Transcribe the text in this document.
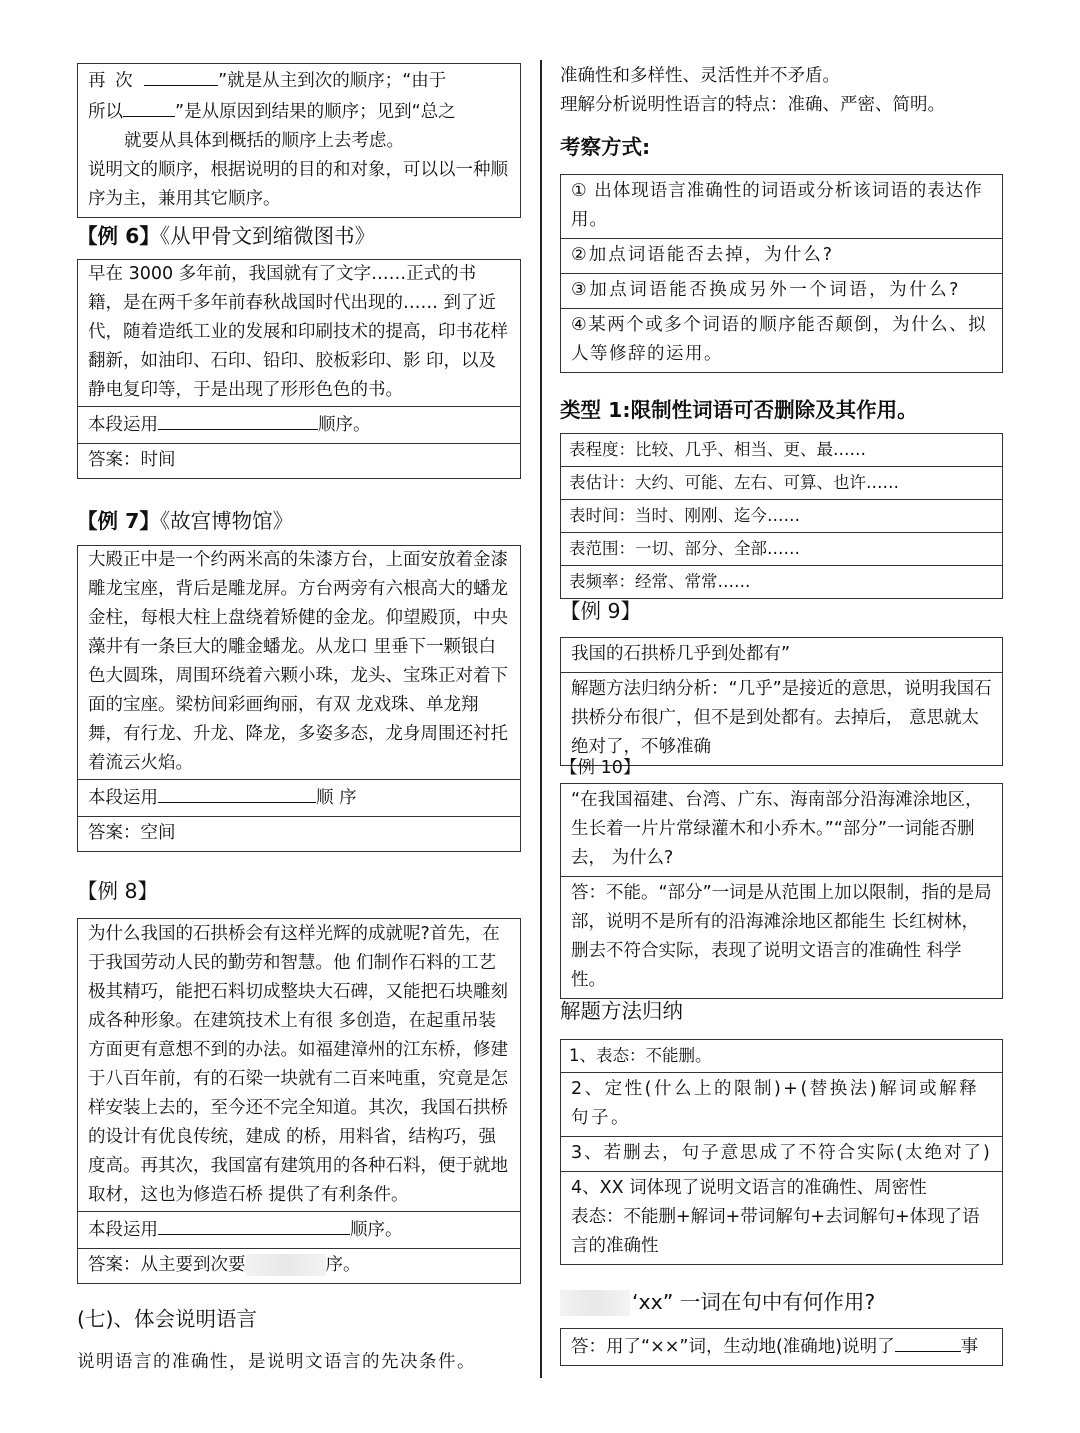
再 次	”就是从主到次的顺序；“由于
所以	”是从原因到结果的顺序；见到“总之
就要从具体到概括的顺序上去考虑。
说明文的顺序，根据说明的目的和对象，可以以一种顺序为主，兼用其它顺序。
【例 6】《从甲骨文到缩微图书》
早在 3000 多年前，我国就有了文字……正式的书籍，是在两千多年前春秋战国时代出现的…… 到了近代，随着造纸工业的发展和印刷技术的提高，印书花样翻新，如油印、石印、铅印、胶板彩印、影 印，以及静电复印等，于是出现了形形色色的书。
本段运用	顺序。
答案：时间
【例 7】《故宫博物馆》
大殿正中是一个约两米高的朱漆方台，上面安放着金漆雕龙宝座，背后是雕龙屏。方台两旁有六根高大的蟠龙金柱，每根大柱上盘绕着矫健的金龙。仰望殿顶，中央藻井有一条巨大的雕金蟠龙。从龙口 里垂下一颗银白色大圆珠，周围环绕着六颗小珠，龙头、宝珠正对着下面的宝座。梁枋间彩画绚丽，有双 龙戏珠、单龙翔舞，有行龙、升龙、降龙，多姿多态，龙身周围还衬托着流云火焰。
本段运用	顺 序
答案：空间
【例 8】
为什么我国的石拱桥会有这样光辉的成就呢?首先，在于我国劳动人民的勤劳和智慧。他 们制作石料的工艺极其精巧，能把石料切成整块大石碑，又能把石块雕刻成各种形象。在建筑技术上有很 多创造，在起重吊装方面更有意想不到的办法。如福建漳州的江东桥，修建于八百年前，有的石梁一块就有二百来吨重，究竟是怎样安装上去的，至今还不完全知道。其次，我国石拱桥的设计有优良传统，建成 的桥，用料省，结构巧，强度高。再其次，我国富有建筑用的各种石料，便于就地取材，这也为修造石桥 提供了有利条件。
本段运用	顺序。
答案：从主要到次要	序。
(七)、体会说明语言
说明语言的准确性，是说明文语言的先决条件。
准确性和多样性、灵活性并不矛盾。
理解分析说明性语言的特点：准确、严密、简明。
考察方式:
① 出体现语言准确性的词语或分析该词语的表达作用。
②加点词语能否去掉，为什么?
③加点词语能否换成另外一个词语，为什么?
④某两个或多个词语的顺序能否颠倒，为什么、拟人等修辞的运用。
类型 1:限制性词语可否删除及其作用。
表程度：比较、几乎、相当、更、最……
表估计：大约、可能、左右、可算、也许……
表时间：当时、刚刚、迄今……
表范围：一切、部分、全部……
表频率：经常、常常……
【例 9】
我国的石拱桥几乎到处都有”
解题方法归纳分析：“几乎”是接近的意思，说明我国石拱桥分布很广，但不是到处都有。去掉后， 意思就太绝对了，不够准确
【例 10】
“在我国福建、台湾、广东、海南部分沿海滩涂地区，生长着一片片常绿灌木和小乔木。”“部分”一词能否删去， 为什么?
答：不能。“部分”一词是从范围上加以限制，指的是局部，说明不是所有的沿海滩涂地区都能生 长红树林，删去不符合实际，表现了说明文语言的准确性 科学性。
解题方法归纳
1、表态：不能删。
2、定性(什么上的限制)+(替换法)解词或解释句子。
3、若删去，句子意思成了不符合实际(太绝对了)
4、XX 词体现了说明文语言的准确性、周密性
表态：不能删+解词+带词解句+去词解句+体现了语言的准确性
‘xx” 一词在句中有何作用?
答：用了“××”词，生动地(准确地)说明了	事
